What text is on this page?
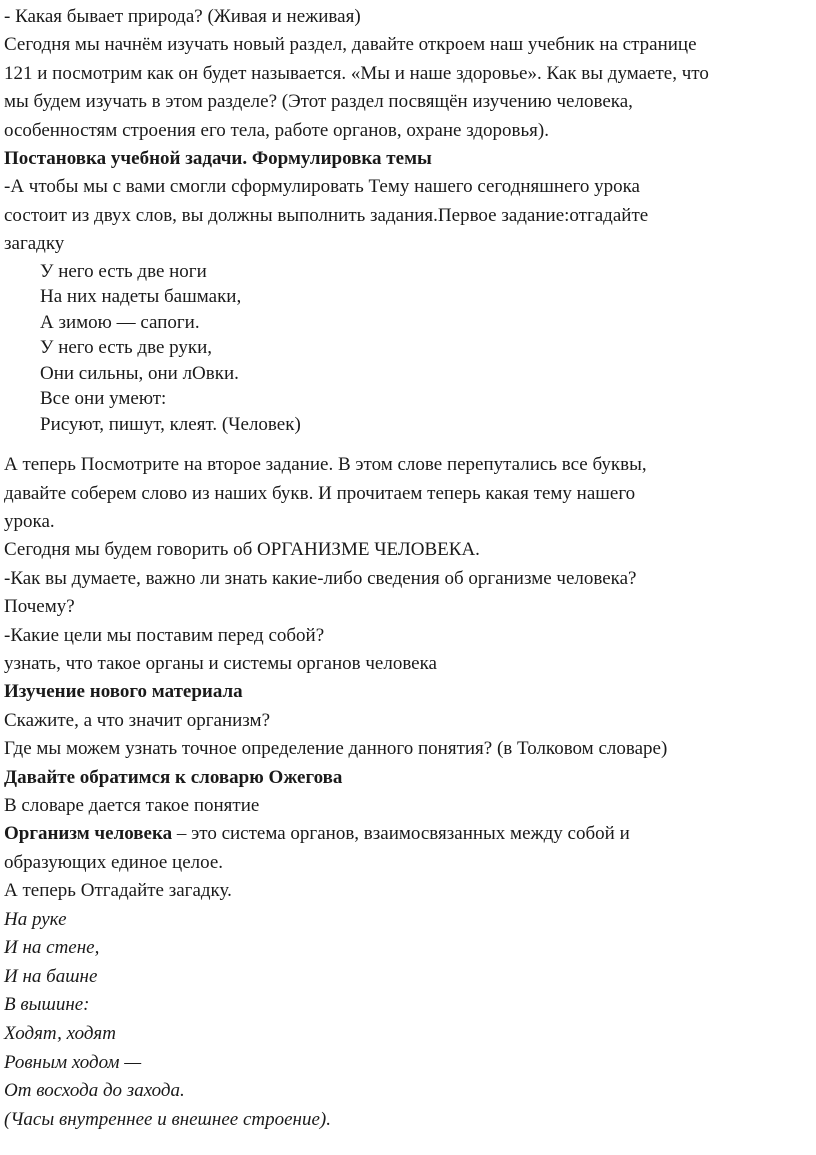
- Какая бывает природа? (Живая и неживая)
Сегодня мы начнём изучать новый раздел, давайте откроем наш учебник на странице
121 и посмотрим как он будет называется. «Мы и наше здоровье». Как вы думаете, что
мы будем изучать в этом разделе? (Этот раздел посвящён изучению человека,
особенностям строения его тела, работе органов, охране здоровья).
Постановка учебной задачи. Формулировка темы
-А чтобы мы с вами смогли сформулировать Тему нашего сегодняшнего урока
состоит из двух слов, вы должны выполнить задания.Первое задание:отгадайте
загадку
У него есть две ноги
На них надеты башмаки,
А зимою — сапоги.
У него есть две руки,
Они сильны, они лОвки.
Все они умеют:
Рисуют, пишут, клеят. (Человек)
А теперь Посмотрите на второе задание. В этом слове перепутались все буквы,
давайте соберем слово из наших букв. И прочитаем теперь какая тему нашего
урока.
Сегодня мы будем говорить об ОРГАНИЗМЕ ЧЕЛОВЕКА.
-Как вы думаете, важно ли знать какие-либо сведения об организме человека?
Почему?
-Какие цели мы поставим перед собой?
узнать, что такое органы и системы органов человека
Изучение нового материала
Скажите, а что значит организм?
Где мы можем узнать точное определение данного понятия? (в Толковом словаре)
Давайте обратимся к словарю Ожегова
В словаре дается такое понятие
Организм человека – это система органов, взаимосвязанных между собой и
образующих единое целое.
А теперь Отгадайте загадку.
На руке
И на стене,
И на башне
В вышине:
Ходят, ходят
Ровным ходом —
От восхода до захода.
(Часы внутреннее и внешнее строение).
